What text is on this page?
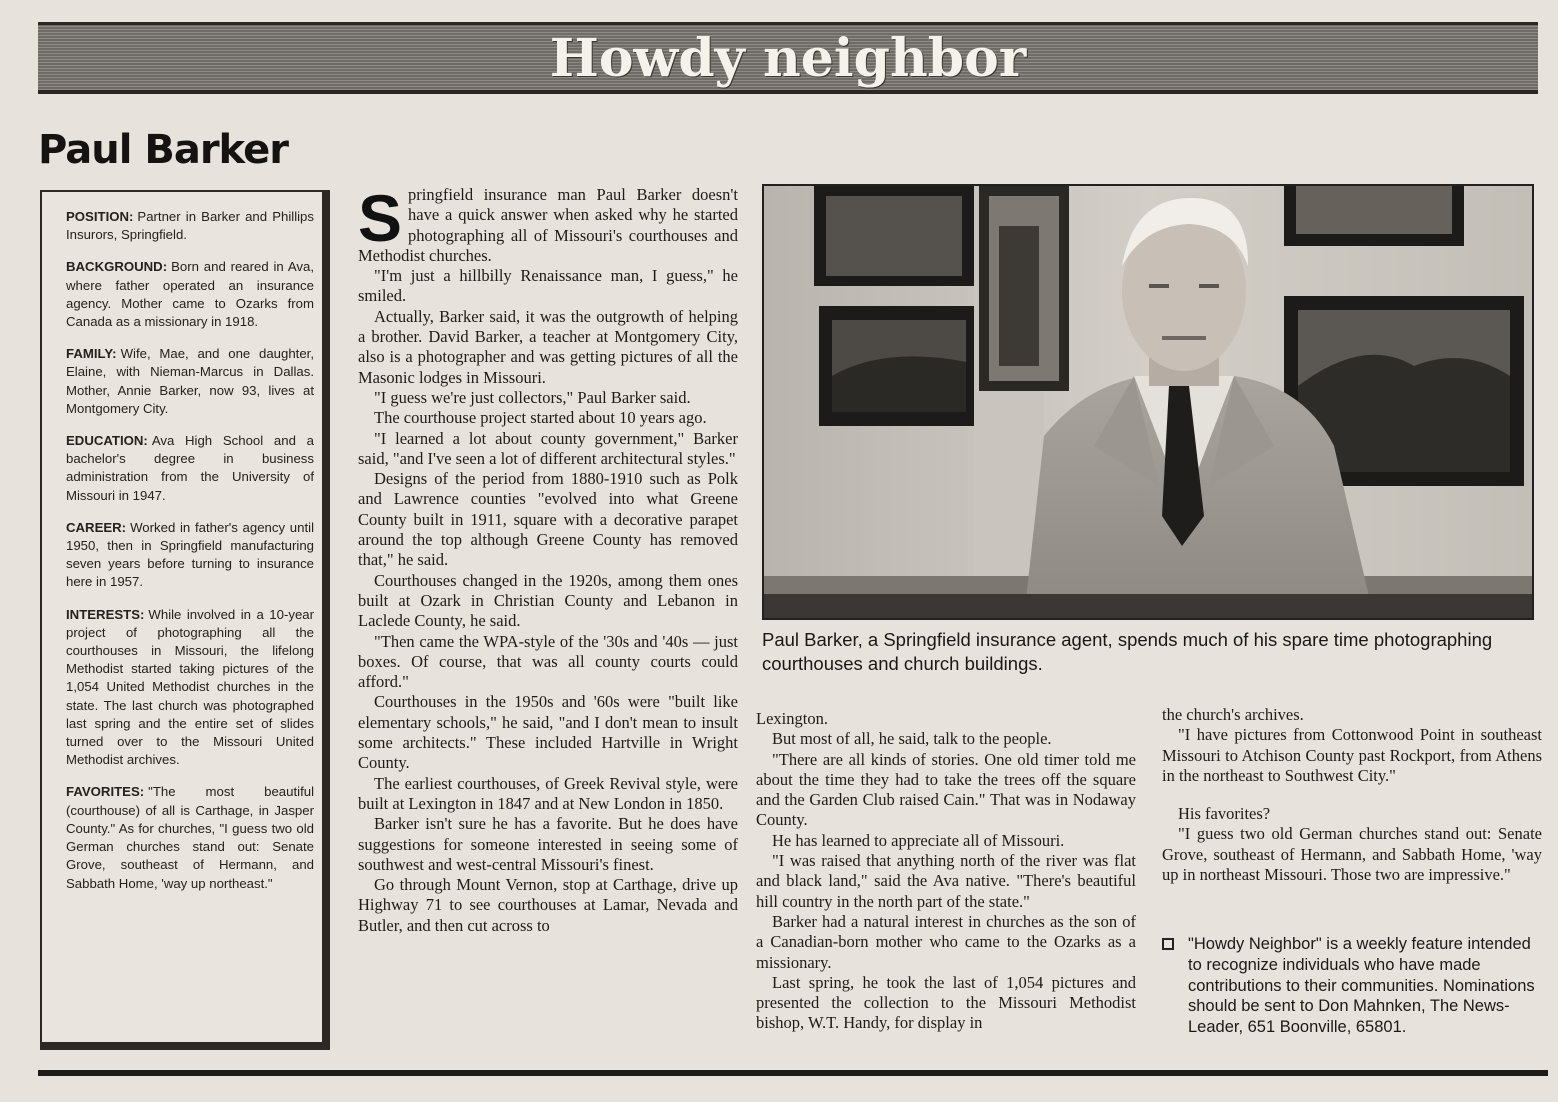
Howdy neighbor
Paul Barker

POSITION: Partner in Barker and Phillips Insurors, Springfield.

BACKGROUND: Born and reared in Ava, where father operated an insurance agency. Mother came to Ozarks from Canada as a missionary in 1918.

FAMILY: Wife, Mae, and one daughter, Elaine, with Nieman-Marcus in Dallas. Mother, Annie Barker, now 93, lives at Montgomery City.

EDUCATION: Ava High School and a bachelor's degree in business administration from the University of Missouri in 1947.

CAREER: Worked in father's agency until 1950, then in Springfield manufacturing seven years before turning to insurance here in 1957.

INTERESTS: While involved in a 10-year project of photographing all the courthouses in Missouri, the lifelong Methodist started taking pictures of the 1,054 United Methodist churches in the state. The last church was photographed last spring and the entire set of slides turned over to the Missouri United Methodist archives.

FAVORITES: "The most beautiful (courthouse) of all is Carthage, in Jasper County." As for churches, "I guess two old German churches stand out: Senate Grove, southeast of Hermann, and Sabbath Home, 'way up northeast."

S pringfield insurance man Paul Barker doesn't have a quick answer when asked why he started photographing all of Missouri's courthouses and Methodist churches.

"I'm just a hillbilly Renaissance man, I guess," he smiled.

Actually, Barker said, it was the outgrowth of helping a brother. David Barker, a teacher at Montgomery City, also is a photographer and was getting pictures of all the Masonic lodges in Missouri.

"I guess we're just collectors," Paul Barker said.

The courthouse project started about 10 years ago.

"I learned a lot about county government," Barker said, "and I've seen a lot of different architectural styles."

Designs of the period from 1880-1910 such as Polk and Lawrence counties "evolved into what Greene County built in 1911, square with a decorative parapet around the top although Greene County has removed that," he said.

Courthouses changed in the 1920s, among them ones built at Ozark in Christian County and Lebanon in Laclede County, he said.

"Then came the WPA-style of the '30s and '40s — just boxes. Of course, that was all county courts could afford."

Courthouses in the 1950s and '60s were "built like elementary schools," he said, "and I don't mean to insult some architects." These included Hartville in Wright County.

The earliest courthouses, of Greek Revival style, were built at Lexington in 1847 and at New London in 1850.

Barker isn't sure he has a favorite. But he does have suggestions for someone interested in seeing some of southwest and west-central Missouri's finest.

Go through Mount Vernon, stop at Carthage, drive up Highway 71 to see courthouses at Lamar, Nevada and Butler, and then cut across to

Paul Barker, a Springfield insurance agent, spends much of his spare time photographing courthouses and church buildings.

Lexington.

But most of all, he said, talk to the people.

"There are all kinds of stories. One old timer told me about the time they had to take the trees off the square and the Garden Club raised Cain." That was in Nodaway County.

He has learned to appreciate all of Missouri.

"I was raised that anything north of the river was flat and black land," said the Ava native. "There's beautiful hill country in the north part of the state."

Barker had a natural interest in churches as the son of a Canadian-born mother who came to the Ozarks as a missionary.

Last spring, he took the last of 1,054 pictures and presented the collection to the Missouri Methodist bishop, W.T. Handy, for display in

the church's archives.

"I have pictures from Cottonwood Point in southeast Missouri to Atchison County past Rockport, from Athens in the northeast to Southwest City."

His favorites?

"I guess two old German churches stand out: Senate Grove, southeast of Hermann, and Sabbath Home, 'way up in northeast Missouri. Those two are impressive."

"Howdy Neighbor" is a weekly feature intended to recognize individuals who have made contributions to their communities. Nominations should be sent to Don Mahnken, The News-Leader, 651 Boonville, 65801.
